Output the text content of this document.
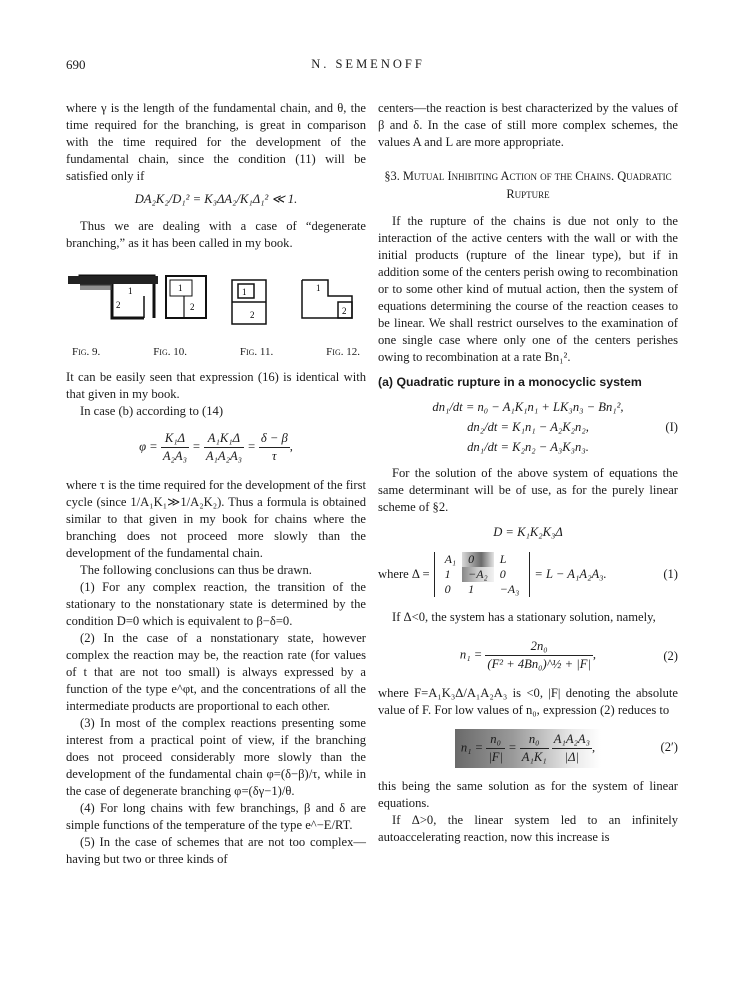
690	N. SEMENOFF

where γ is the length of the fundamental chain, and θ, the time required for the branching, is great in comparison with the time required for the development of the fundamental chain, since the condition (11) will be satisfied only if

DA₂K₂/D₁² = K₃ΔA₂/K₁Δ₁² ≪ 1.

Thus we are dealing with a case of “degenerate branching,” as it has been called in my book.

1
2
1
2
1
2
1
2
Fig. 9.	Fig. 10.	Fig. 11.	Fig. 12.

It can be easily seen that expression (16) is identical with that given in my book.

In case (b) according to (14)

$\varphi = \frac{\text{K₁Δ}}{\text{A₂A₃}} = \frac{\text{A₁K₁Δ}}{\text{A₁A₂A₃}} = \frac{\delta - \beta}{\tau}$ ,

where τ is the time required for the development of the first cycle (since 1/A₁K₁≫1/A₂K₂). Thus a formula is obtained similar to that given in my book for chains where the branching does not proceed more slowly than the development of the fundamental chain.

The following conclusions can thus be drawn.

(1) For any complex reaction, the transition of the stationary to the nonstationary state is determined by the condition D=0 which is equivalent to β−δ=0.

(2) In the case of a nonstationary state, however complex the reaction may be, the reaction rate (for values of t that are not too small) is always expressed by a function of the type e^φt, and the concentrations of all the intermediate products are proportional to each other.

(3) In most of the complex reactions presenting some interest from a practical point of view, if the branching does not proceed considerably more slowly than the development of the fundamental chain φ=(δ−β)/τ, while in the case of degenerate branching φ=(δγ−1)/θ.

(4) For long chains with few branchings, β and δ are simple functions of the temperature of the type e^−E/RT.

(5) In the case of schemes that are not too complex—having but two or three kinds of

centers—the reaction is best characterized by the values of β and δ. In the case of still more complex schemes, the values A and L are more appropriate.

§3. Mutual Inhibiting Action of the Chains. Quadratic Rupture

If the rupture of the chains is due not only to the interaction of the active centers with the wall or with the initial products (rupture of the linear type), but if in addition some of the centers perish owing to recombination or to some other kind of mutual action, then the system of equations determining the course of the reaction ceases to be linear. We shall restrict ourselves to the examination of one single case where only one of the centers perishes owing to recombination at a rate Bn₁².

(a) Quadratic rupture in a monocyclic system
dn₁/dt = n₀ − A₁K₁n₁ + LK₃n₃ − Bn₁²,
dn₂/dt = K₁n₁ − A₂K₂n₂,	(I)
dn₁/dt = K₂n₂ − A₃K₃n₃.

For the solution of the above system of equations the same determinant will be of use, as for the purely linear scheme of §2.

D = K₁K₂K₃Δ
where Δ =
A₁	0	L
1	−A₂	0
0	1	−A₃
= L − A₁A₂A₃.	(1)

If Δ<0, the system has a stationary solution, namely,

$n_1 = \frac{\text{2n₀}}{\text{(F² + 4Bn₀)\textasciicircum{}½ + |F|}}$ ,	(2)

where F=A₁K₃Δ/A₁A₂A₃ is <0, |F| denoting the absolute value of F. For low values of n₀, expression (2) reduces to

$n_1 = \frac{\text{n₀}}{|F|} = \frac{\text{n₀}}{\text{A₁K₁}}$
$\frac{\text{A₁A₂A₃}}{|\Delta|}$ ,	(2′)

this being the same solution as for the system of linear equations.

If Δ>0, the linear system led to an infinitely autoaccelerating reaction, now this increase is
